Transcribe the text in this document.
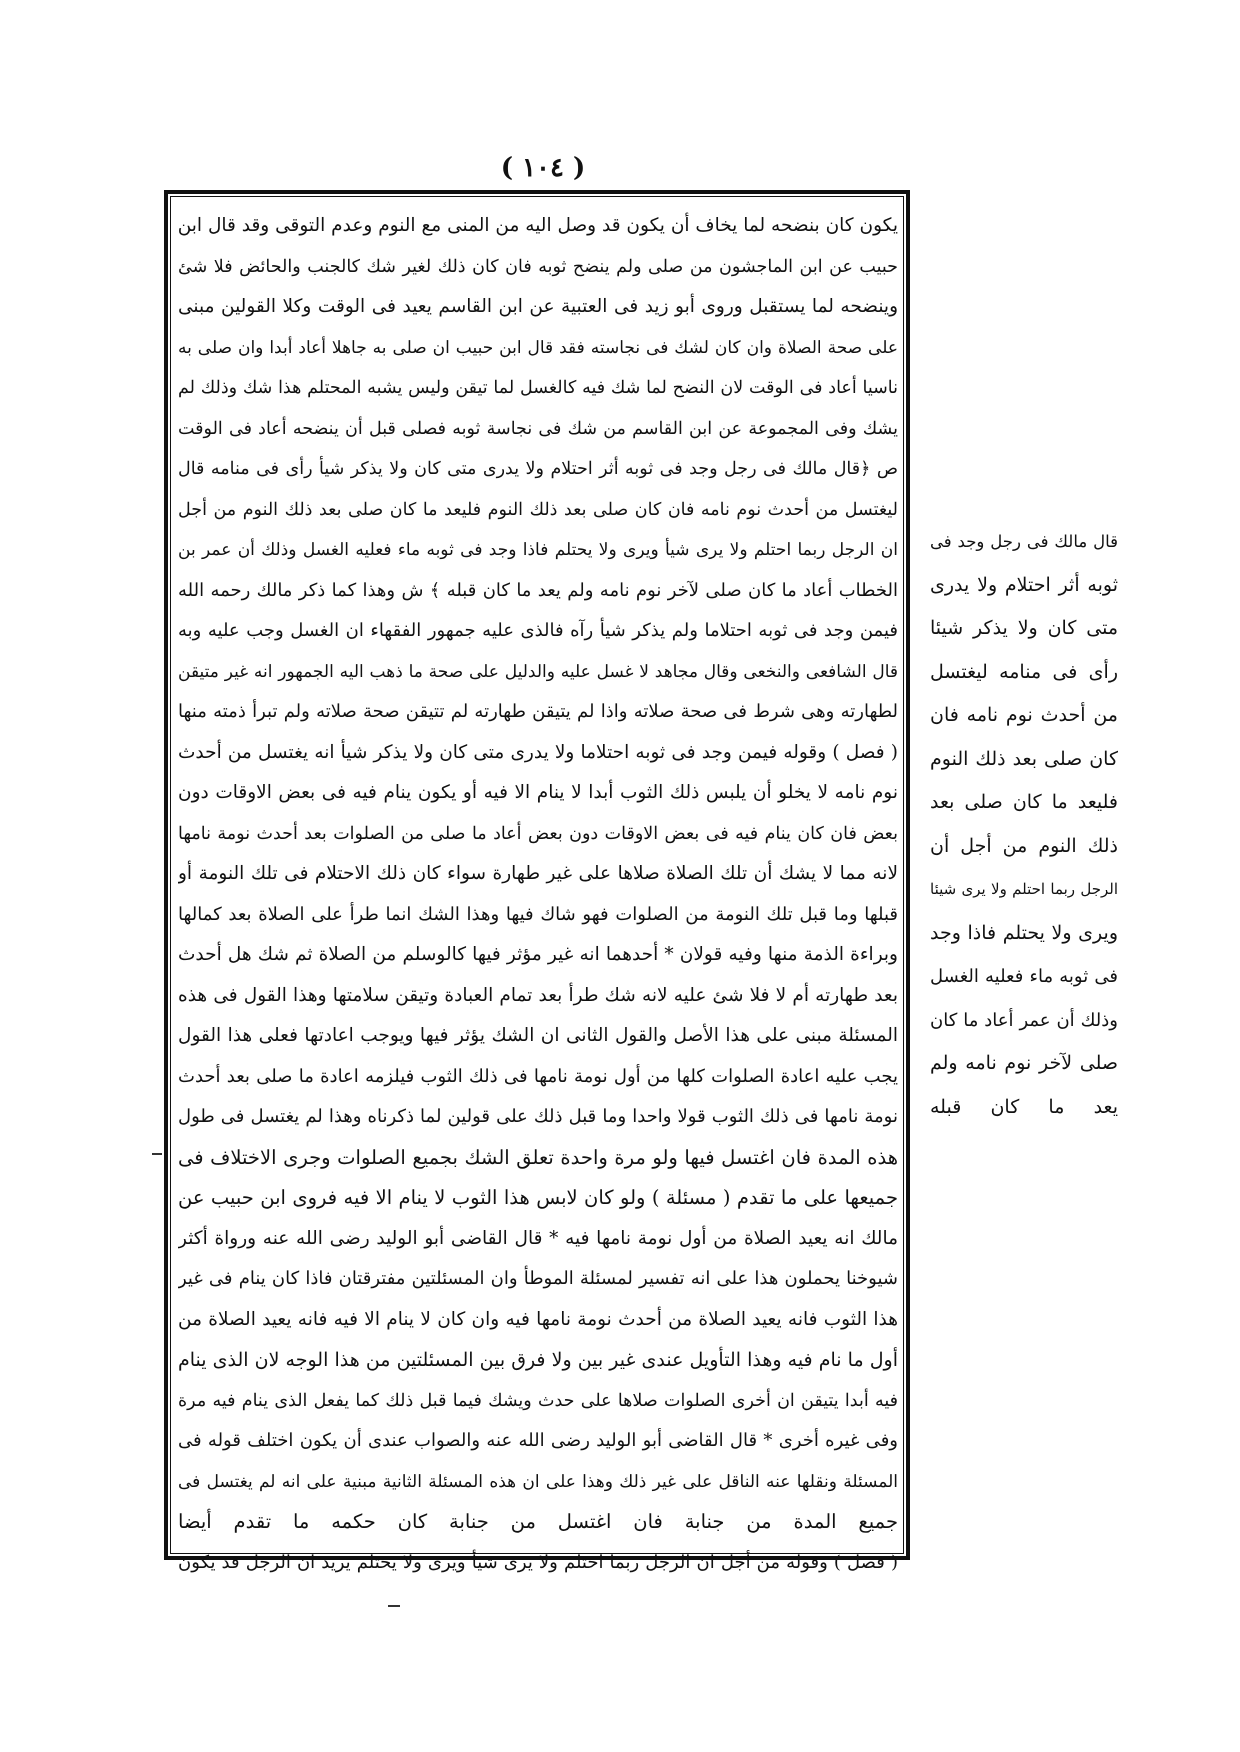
( ١٠٤ )
يكون كان بنضحه لما يخاف أن يكون قد وصل اليه من المنى مع النوم وعدم التوقى وقد قال ابن
حبيب عن ابن الماجشون من صلى ولم ينضح ثوبه فان كان ذلك لغير شك كالجنب والحائض فلا شئ
وينضحه لما يستقبل وروى أبو زيد فى العتبية عن ابن القاسم يعيد فى الوقت وكلا القولين مبنى
على صحة الصلاة وان كان لشك فى نجاسته فقد قال ابن حبيب ان صلى به جاهلا أعاد أبدا وان صلى به
ناسيا أعاد فى الوقت لان النضح لما شك فيه كالغسل لما تيقن وليس يشبه المحتلم هذا شك وذلك لم
يشك وفى المجموعة عن ابن القاسم من شك فى نجاسة ثوبه فصلى قبل أن ينضحه أعاد فى الوقت
ص ﴿قال مالك فى رجل وجد فى ثوبه أثر احتلام ولا يدرى متى كان ولا يذكر شيأ رأى فى منامه قال
ليغتسل من أحدث نوم نامه فان كان صلى بعد ذلك النوم فليعد ما كان صلى بعد ذلك النوم من أجل
ان الرجل ربما احتلم ولا يرى شيأ ويرى ولا يحتلم فاذا وجد فى ثوبه ماء فعليه الغسل وذلك أن عمر بن
الخطاب أعاد ما كان صلى لآخر نوم نامه ولم يعد ما كان قبله ﴾ ش وهذا كما ذكر مالك رحمه الله
فيمن وجد فى ثوبه احتلاما ولم يذكر شيأ رآه فالذى عليه جمهور الفقهاء ان الغسل وجب عليه وبه
قال الشافعى والنخعى وقال مجاهد لا غسل عليه والدليل على صحة ما ذهب اليه الجمهور انه غير متيقن
لطهارته وهى شرط فى صحة صلاته واذا لم يتيقن طهارته لم تتيقن صحة صلاته ولم تبرأ ذمته منها
( فصل ) وقوله فيمن وجد فى ثوبه احتلاما ولا يدرى متى كان ولا يذكر شيأ انه يغتسل من أحدث
نوم نامه لا يخلو أن يلبس ذلك الثوب أبدا لا ينام الا فيه أو يكون ينام فيه فى بعض الاوقات دون
بعض فان كان ينام فيه فى بعض الاوقات دون بعض أعاد ما صلى من الصلوات بعد أحدث نومة نامها
لانه مما لا يشك أن تلك الصلاة صلاها على غير طهارة سواء كان ذلك الاحتلام فى تلك النومة أو
قبلها وما قبل تلك النومة من الصلوات فهو شاك فيها وهذا الشك انما طرأ على الصلاة بعد كمالها
وبراءة الذمة منها وفيه قولان * أحدهما انه غير مؤثر فيها كالوسلم من الصلاة ثم شك هل أحدث
بعد طهارته أم لا فلا شئ عليه لانه شك طرأ بعد تمام العبادة وتيقن سلامتها وهذا القول فى هذه
المسئلة مبنى على هذا الأصل والقول الثانى ان الشك يؤثر فيها ويوجب اعادتها فعلى هذا القول
يجب عليه اعادة الصلوات كلها من أول نومة نامها فى ذلك الثوب فيلزمه اعادة ما صلى بعد أحدث
نومة نامها فى ذلك الثوب قولا واحدا وما قبل ذلك على قولين لما ذكرناه وهذا لم يغتسل فى طول
هذه المدة فان اغتسل فيها ولو مرة واحدة تعلق الشك بجميع الصلوات وجرى الاختلاف فى
جميعها على ما تقدم ( مسئلة ) ولو كان لابس هذا الثوب لا ينام الا فيه فروى ابن حبيب عن
مالك انه يعيد الصلاة من أول نومة نامها فيه * قال القاضى أبو الوليد رضى الله عنه ورواة أكثر
شيوخنا يحملون هذا على انه تفسير لمسئلة الموطأ وان المسئلتين مفترقتان فاذا كان ينام فى غير
هذا الثوب فانه يعيد الصلاة من أحدث نومة نامها فيه وان كان لا ينام الا فيه فانه يعيد الصلاة من
أول ما نام فيه وهذا التأويل عندى غير بين ولا فرق بين المسئلتين من هذا الوجه لان الذى ينام
فيه أبدا يتيقن ان أخرى الصلوات صلاها على حدث ويشك فيما قبل ذلك كما يفعل الذى ينام فيه مرة
وفى غيره أخرى * قال القاضى أبو الوليد رضى الله عنه والصواب عندى أن يكون اختلف قوله فى
المسئلة ونقلها عنه الناقل على غير ذلك وهذا على ان هذه المسئلة الثانية مبنية على انه لم يغتسل فى
جميع المدة من جنابة فان اغتسل من جنابة كان حكمه ما تقدم أيضا
( فصل ) وقوله من أجل ان الرجل ربما احتلم ولا يرى شيأ ويرى ولا يحتلم يريد ان الرجل قد يكون
قال مالك فى رجل وجد فى
ثوبه أثر احتلام ولا يدرى
متى كان ولا يذكر شيئا
رأى فى منامه ليغتسل
من أحدث نوم نامه فان
كان صلى بعد ذلك النوم
فليعد ما كان صلى بعد
ذلك النوم من أجل أن
الرجل ربما احتلم ولا يرى شيئا
ويرى ولا يحتلم فاذا وجد
فى ثوبه ماء فعليه الغسل
وذلك أن عمر أعاد ما كان
صلى لآخر نوم نامه ولم
يعد ما كان قبله
